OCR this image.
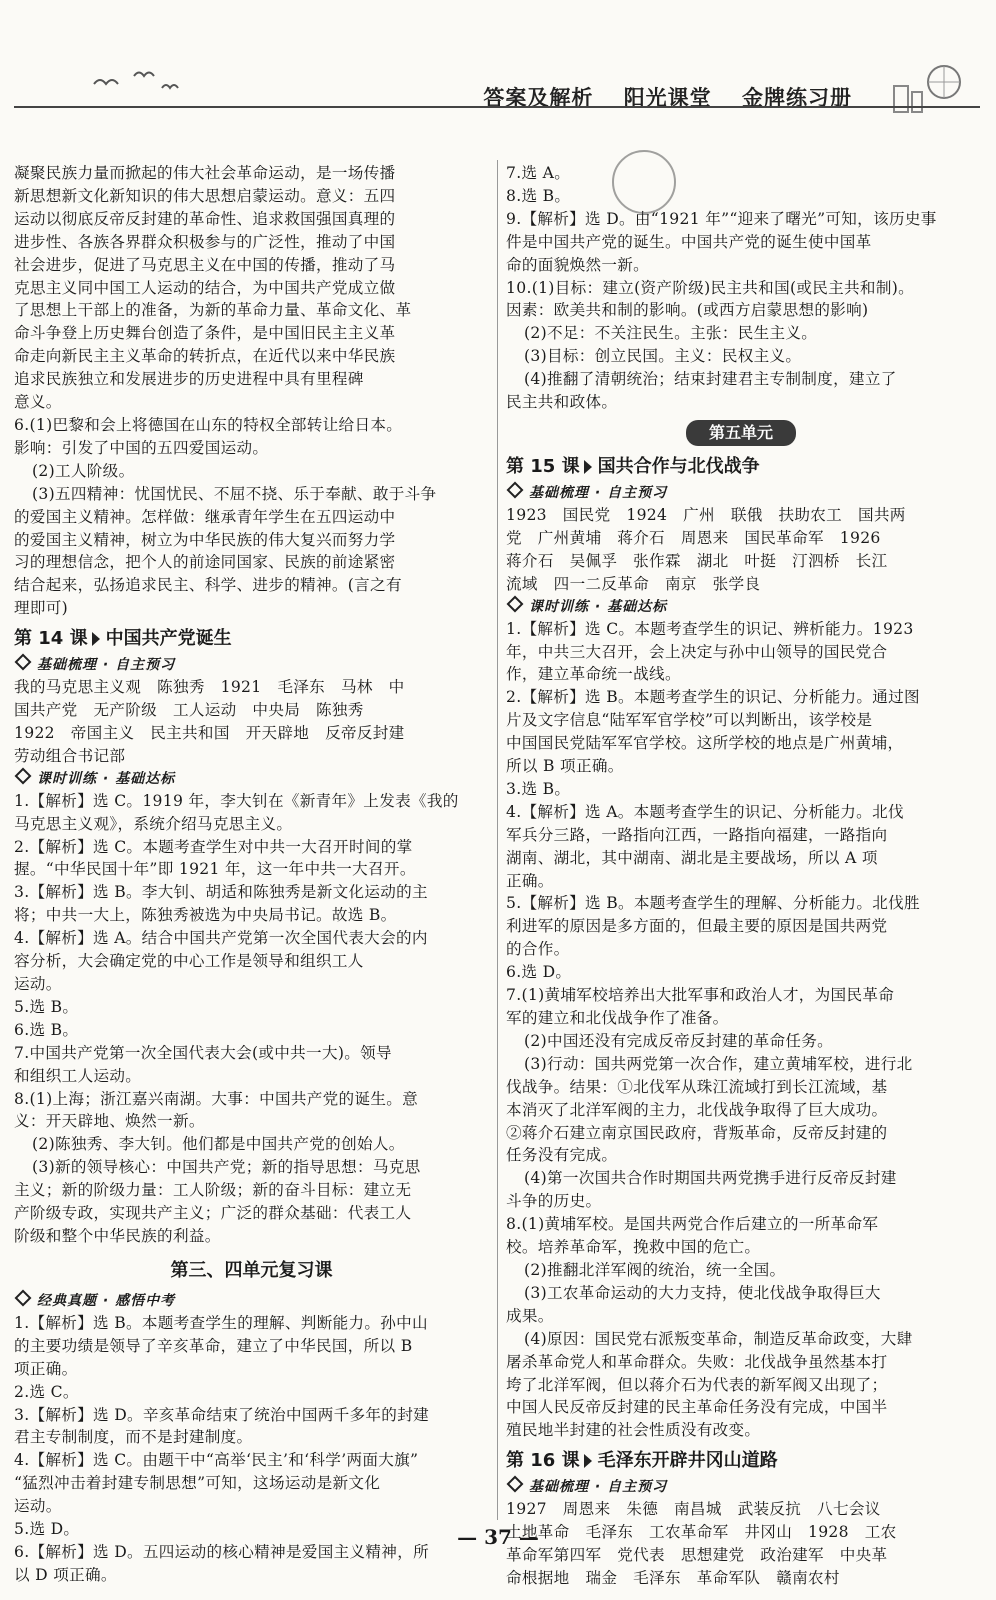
答案及解析 阳光课堂 金牌练习册
凝聚民族力量而掀起的伟大社会革命运动，是一场传播
新思想新文化新知识的伟大思想启蒙运动。意义：五四
运动以彻底反帝反封建的革命性、追求救国强国真理的
进步性、各族各界群众积极参与的广泛性，推动了中国
社会进步，促进了马克思主义在中国的传播，推动了马
克思主义同中国工人运动的结合，为中国共产党成立做
了思想上干部上的准备，为新的革命力量、革命文化、革
命斗争登上历史舞台创造了条件，是中国旧民主主义革
命走向新民主主义革命的转折点，在近代以来中华民族
追求民族独立和发展进步的历史进程中具有里程碑
意义。
6.(1)巴黎和会上将德国在山东的特权全部转让给日本。
影响：引发了中国的五四爱国运动。
(2)工人阶级。
(3)五四精神：忧国忧民、不屈不挠、乐于奉献、敢于斗争
的爱国主义精神。怎样做：继承青年学生在五四运动中
的爱国主义精神，树立为中华民族的伟大复兴而努力学
习的理想信念，把个人的前途同国家、民族的前途紧密
结合起来，弘扬追求民主、科学、进步的精神。(言之有
理即可)
第 14 课 中国共产党诞生
基础梳理 · 自主预习
我的马克思主义观　陈独秀　1921　毛泽东　马林　中
国共产党　无产阶级　工人运动　中央局　陈独秀
1922　帝国主义　民主共和国　开天辟地　反帝反封建
劳动组合书记部
课时训练 · 基础达标
1.【解析】选 C。1919 年，李大钊在《新青年》上发表《我的
马克思主义观》，系统介绍马克思主义。
2.【解析】选 C。本题考查学生对中共一大召开时间的掌
握。“中华民国十年”即 1921 年，这一年中共一大召开。
3.【解析】选 B。李大钊、胡适和陈独秀是新文化运动的主
将；中共一大上，陈独秀被选为中央局书记。故选 B。
4.【解析】选 A。结合中国共产党第一次全国代表大会的内
容分析，大会确定党的中心工作是领导和组织工人
运动。
5.选 B。
6.选 B。
7.中国共产党第一次全国代表大会(或中共一大)。领导
和组织工人运动。
8.(1)上海；浙江嘉兴南湖。大事：中国共产党的诞生。意
义：开天辟地、焕然一新。
(2)陈独秀、李大钊。他们都是中国共产党的创始人。
(3)新的领导核心：中国共产党；新的指导思想：马克思
主义；新的阶级力量：工人阶级；新的奋斗目标：建立无
产阶级专政，实现共产主义；广泛的群众基础：代表工人
阶级和整个中华民族的利益。
第三、四单元复习课
经典真题 · 感悟中考
1.【解析】选 B。本题考查学生的理解、判断能力。孙中山
的主要功绩是领导了辛亥革命，建立了中华民国，所以 B
项正确。
2.选 C。
3.【解析】选 D。辛亥革命结束了统治中国两千多年的封建
君主专制制度，而不是封建制度。
4.【解析】选 C。由题干中“高举‘民主’和‘科学’两面大旗”
“猛烈冲击着封建专制思想”可知，这场运动是新文化
运动。
5.选 D。
6.【解析】选 D。五四运动的核心精神是爱国主义精神，所
以 D 项正确。
7.选 A。
8.选 B。
9.【解析】选 D。由“1921 年”“迎来了曙光”可知，该历史事
件是中国共产党的诞生。中国共产党的诞生使中国革
命的面貌焕然一新。
10.(1)目标：建立(资产阶级)民主共和国(或民主共和制)。
因素：欧美共和制的影响。(或西方启蒙思想的影响)
(2)不足：不关注民生。主张：民生主义。
(3)目标：创立民国。主义：民权主义。
(4)推翻了清朝统治；结束封建君主专制制度，建立了
民主共和政体。
第五单元
第 15 课 国共合作与北伐战争
基础梳理 · 自主预习
1923　国民党　1924　广州　联俄　扶助农工　国共两
党　广州黄埔　蒋介石　周恩来　国民革命军　1926
蒋介石　吴佩孚　张作霖　湖北　叶挺　汀泗桥　长江
流域　四一二反革命　南京　张学良
课时训练 · 基础达标
1.【解析】选 C。本题考查学生的识记、辨析能力。1923
年，中共三大召开，会上决定与孙中山领导的国民党合
作，建立革命统一战线。
2.【解析】选 B。本题考查学生的识记、分析能力。通过图
片及文字信息“陆军军官学校”可以判断出，该学校是
中国国民党陆军军官学校。这所学校的地点是广州黄埔，
所以 B 项正确。
3.选 B。
4.【解析】选 A。本题考查学生的识记、分析能力。北伐
军兵分三路，一路指向江西，一路指向福建，一路指向
湖南、湖北，其中湖南、湖北是主要战场，所以 A 项
正确。
5.【解析】选 B。本题考查学生的理解、分析能力。北伐胜
利进军的原因是多方面的，但最主要的原因是国共两党
的合作。
6.选 D。
7.(1)黄埔军校培养出大批军事和政治人才，为国民革命
军的建立和北伐战争作了准备。
(2)中国还没有完成反帝反封建的革命任务。
(3)行动：国共两党第一次合作，建立黄埔军校，进行北
伐战争。结果：①北伐军从珠江流域打到长江流域，基
本消灭了北洋军阀的主力，北伐战争取得了巨大成功。
②蒋介石建立南京国民政府，背叛革命，反帝反封建的
任务没有完成。
(4)第一次国共合作时期国共两党携手进行反帝反封建
斗争的历史。
8.(1)黄埔军校。是国共两党合作后建立的一所革命军
校。培养革命军，挽救中国的危亡。
(2)推翻北洋军阀的统治，统一全国。
(3)工农革命运动的大力支持，使北伐战争取得巨大
成果。
(4)原因：国民党右派叛变革命，制造反革命政变，大肆
屠杀革命党人和革命群众。失败：北伐战争虽然基本打
垮了北洋军阀，但以蒋介石为代表的新军阀又出现了；
中国人民反帝反封建的民主革命任务没有完成，中国半
殖民地半封建的社会性质没有改变。
第 16 课 毛泽东开辟井冈山道路
基础梳理 · 自主预习
1927　周恩来　朱德　南昌城　武装反抗　八七会议
土地革命　毛泽东　工农革命军　井冈山　1928　工农
革命军第四军　党代表　思想建党　政治建军　中央革
命根据地　瑞金　毛泽东　革命军队　赣南农村
— 37 —
